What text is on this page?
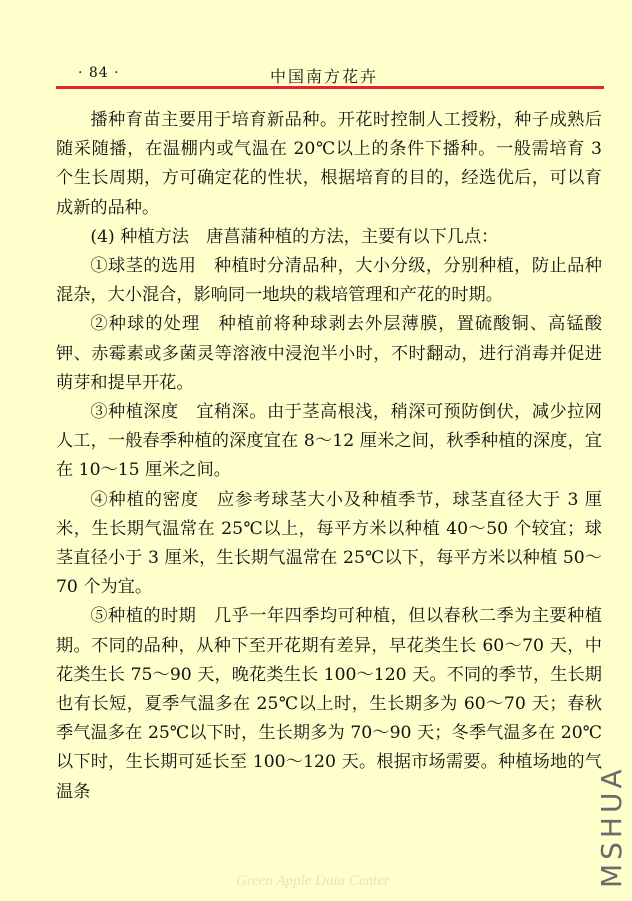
· 84 ·	中国南方花卉

播种育苗主要用于培育新品种。开花时控制人工授粉，种子成熟后随采随播，在温棚内或气温在 20℃以上的条件下播种。一般需培育 3 个生长周期，方可确定花的性状，根据培育的目的，经选优后，可以育成新的品种。

(4) 种植方法　唐菖蒲种植的方法，主要有以下几点：

①球茎的选用　种植时分清品种，大小分级，分别种植，防止品种混杂，大小混合，影响同一地块的栽培管理和产花的时期。

②种球的处理　种植前将种球剥去外层薄膜，置硫酸铜、高锰酸钾、赤霉素或多菌灵等溶液中浸泡半小时，不时翻动，进行消毒并促进萌芽和提早开花。

③种植深度　宜稍深。由于茎高根浅，稍深可预防倒伏，减少拉网人工，一般春季种植的深度宜在 8～12 厘米之间，秋季种植的深度，宜在 10～15 厘米之间。

④种植的密度　应参考球茎大小及种植季节，球茎直径大于 3 厘米，生长期气温常在 25℃以上，每平方米以种植 40～50 个较宜；球茎直径小于 3 厘米，生长期气温常在 25℃以下，每平方米以种植 50～70 个为宜。

⑤种植的时期　几乎一年四季均可种植，但以春秋二季为主要种植期。不同的品种，从种下至开花期有差异，早花类生长 60～70 天，中花类生长 75～90 天，晚花类生长 100～120 天。不同的季节，生长期也有长短，夏季气温多在 25℃以上时，生长期多为 60～70 天；春秋季气温多在 25℃以下时，生长期多为 70～90 天；冬季气温多在 20℃以下时，生长期可延长至 100～120 天。根据市场需要。种植场地的气温条	MSHUA
Green Apple Data Center
